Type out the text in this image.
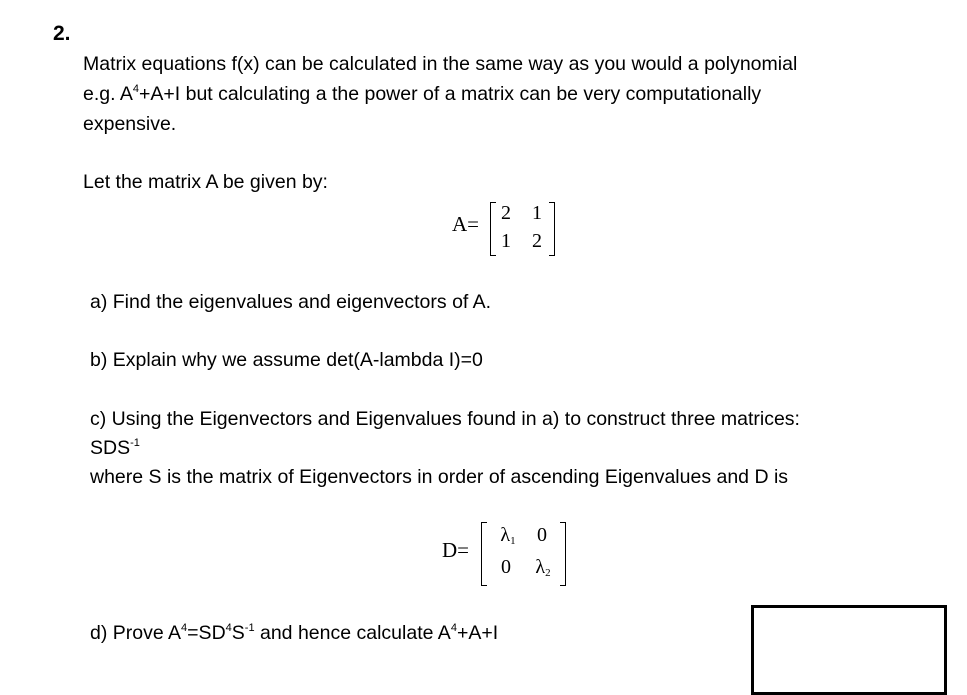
2.
Matrix equations f(x) can be calculated in the same way as you would a polynomial
e.g. $A^4+A+I$ but calculating a the power of a matrix can be very computationally
expensive.
Let the matrix A be given by:
A= 2 1
1 2
a) Find the eigenvalues and eigenvectors of A.
b) Explain why we assume det(A-lambda I)=0
c) Using the Eigenvectors and Eigenvalues found in a) to construct three matrices:
$SDS^{-1}$
where S is the matrix of Eigenvectors in order of ascending Eigenvalues and D is
D=
$\lambda_1$ 0
0 $\lambda_2$
d) Prove $A^4=SD^4S^{-1}$ and hence calculate $A^4+A+I$
